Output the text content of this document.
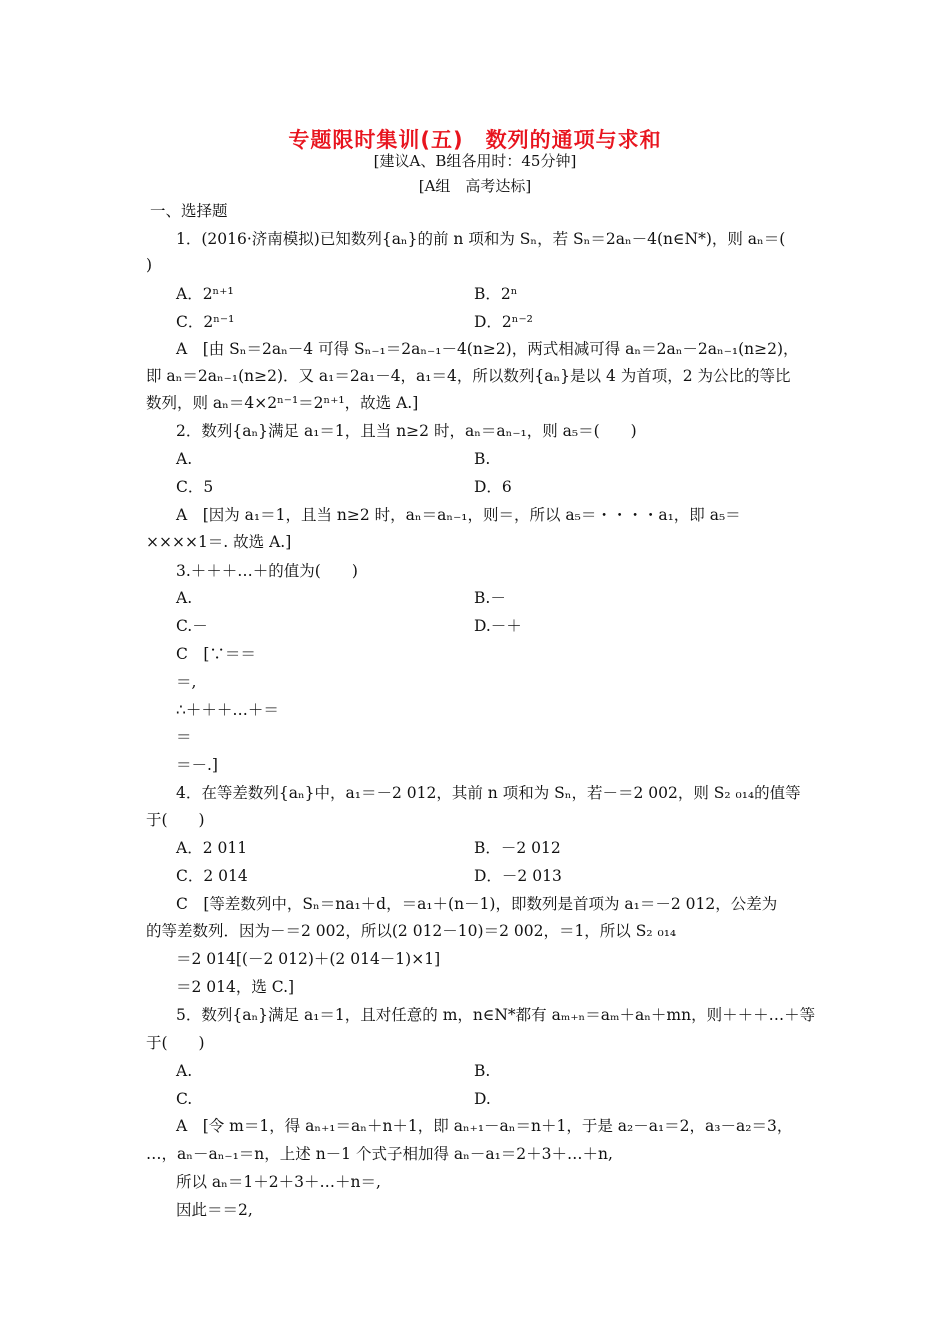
专题限时集训(五)　数列的通项与求和
[建议A、B组各用时：45分钟]
[A组　高考达标]
一、选择题
1．(2016·济南模拟)已知数列{aₙ}的前 n 项和为 Sₙ，若 Sₙ＝2aₙ－4(n∈N*)，则 aₙ＝(
)
A．2ⁿ⁺¹	B．2ⁿ
C．2ⁿ⁻¹	D．2ⁿ⁻²
A　[由 Sₙ＝2aₙ－4 可得 Sₙ₋₁＝2aₙ₋₁－4(n≥2)，两式相减可得 aₙ＝2aₙ－2aₙ₋₁(n≥2)，
即 aₙ＝2aₙ₋₁(n≥2)．又 a₁＝2a₁－4，a₁＝4，所以数列{aₙ}是以 4 为首项，2 为公比的等比
数列，则 aₙ＝4×2ⁿ⁻¹＝2ⁿ⁺¹，故选 A.]
2．数列{aₙ}满足 a₁＝1，且当 n≥2 时，aₙ＝aₙ₋₁，则 a₅＝(　　)
A.	B.
C．5	D．6
A　[因为 a₁＝1，且当 n≥2 时，aₙ＝aₙ₋₁，则＝，所以 a₅＝・・・・a₁，即 a₅＝
××××1＝. 故选 A.]
3.＋＋＋…＋的值为(　　)
A.	B.－
C.－	D.－＋
C　[∵＝＝
＝,
∴＋＋＋…＋＝
＝
＝－.]
4．在等差数列{aₙ}中，a₁＝－2 012，其前 n 项和为 Sₙ，若－＝2 002，则 S₂ ₀₁₄的值等
于(　　)
A．2 011	B．－2 012
C．2 014	D．－2 013
C　[等差数列中，Sₙ＝na₁＋d，＝a₁＋(n－1)，即数列是首项为 a₁＝－2 012，公差为
的等差数列．因为－＝2 002，所以(2 012－10)＝2 002，＝1，所以 S₂ ₀₁₄
＝2 014[(－2 012)＋(2 014－1)×1]
＝2 014，选 C.]
5．数列{aₙ}满足 a₁＝1，且对任意的 m，n∈N*都有 aₘ₊ₙ＝aₘ＋aₙ＋mn，则＋＋＋…＋等
于(　　)
A.	B.
C.	D.
A　[令 m＝1，得 aₙ₊₁＝aₙ＋n＋1，即 aₙ₊₁－aₙ＝n＋1，于是 a₂－a₁＝2，a₃－a₂＝3，
…，aₙ－aₙ₋₁＝n，上述 n－1 个式子相加得 aₙ－a₁＝2＋3＋…＋n,
所以 aₙ＝1＋2＋3＋…＋n＝,
因此＝＝2,
